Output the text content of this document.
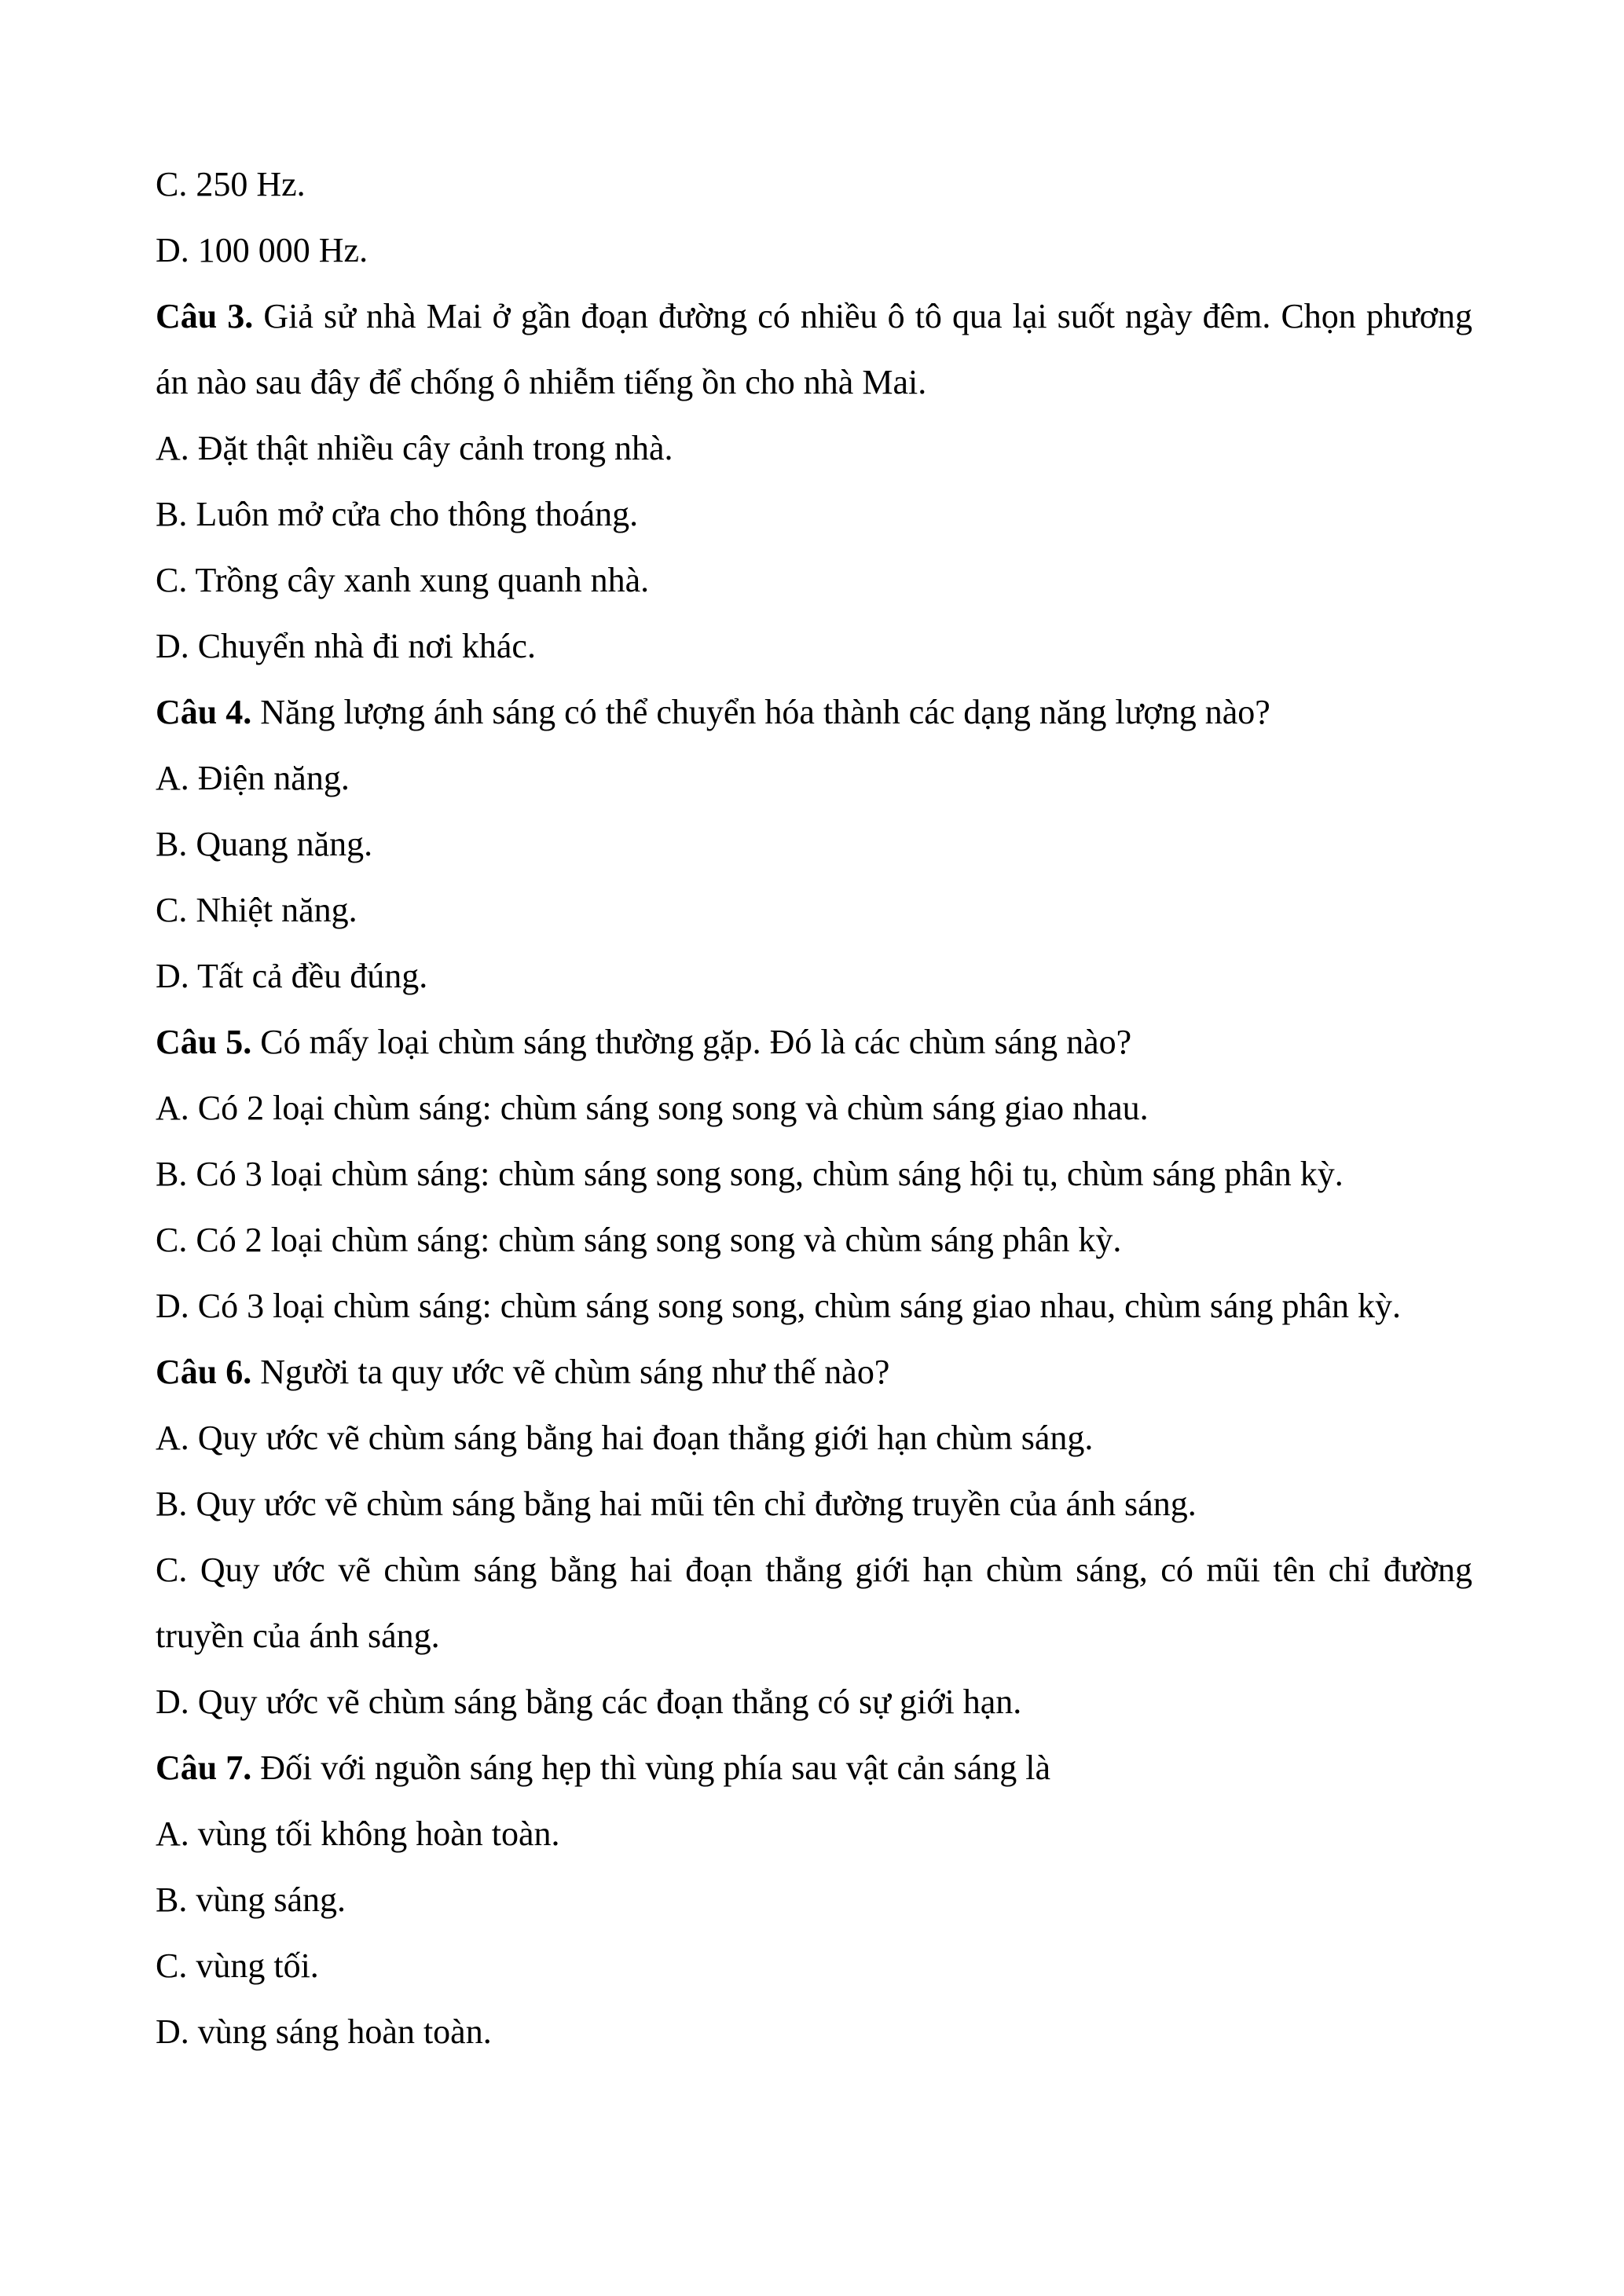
C. 250 Hz.
D. 100 000 Hz.
Câu 3. Giả sử nhà Mai ở gần đoạn đường có nhiều ô tô qua lại suốt ngày đêm. Chọn phương án nào sau đây để chống ô nhiễm tiếng ồn cho nhà Mai.
A. Đặt thật nhiều cây cảnh trong nhà.
B. Luôn mở cửa cho thông thoáng.
C. Trồng cây xanh xung quanh nhà.
D. Chuyển nhà đi nơi khác.
Câu 4. Năng lượng ánh sáng có thể chuyển hóa thành các dạng năng lượng nào?
A. Điện năng.
B. Quang năng.
C. Nhiệt năng.
D. Tất cả đều đúng.
Câu 5. Có mấy loại chùm sáng thường gặp. Đó là các chùm sáng nào?
A. Có 2 loại chùm sáng: chùm sáng song song và chùm sáng giao nhau.
B. Có 3 loại chùm sáng: chùm sáng song song, chùm sáng hội tụ, chùm sáng phân kỳ.
C. Có 2 loại chùm sáng: chùm sáng song song và chùm sáng phân kỳ.
D. Có 3 loại chùm sáng: chùm sáng song song, chùm sáng giao nhau, chùm sáng phân kỳ.
Câu 6. Người ta quy ước vẽ chùm sáng như thế nào?
A. Quy ước vẽ chùm sáng bằng hai đoạn thẳng giới hạn chùm sáng.
B. Quy ước vẽ chùm sáng bằng hai mũi tên chỉ đường truyền của ánh sáng.
C. Quy ước vẽ chùm sáng bằng hai đoạn thẳng giới hạn chùm sáng, có mũi tên chỉ đường truyền của ánh sáng.
D. Quy ước vẽ chùm sáng bằng các đoạn thẳng có sự giới hạn.
Câu 7. Đối với nguồn sáng hẹp thì vùng phía sau vật cản sáng là
A. vùng tối không hoàn toàn.
B. vùng sáng.
C. vùng tối.
D. vùng sáng hoàn toàn.
